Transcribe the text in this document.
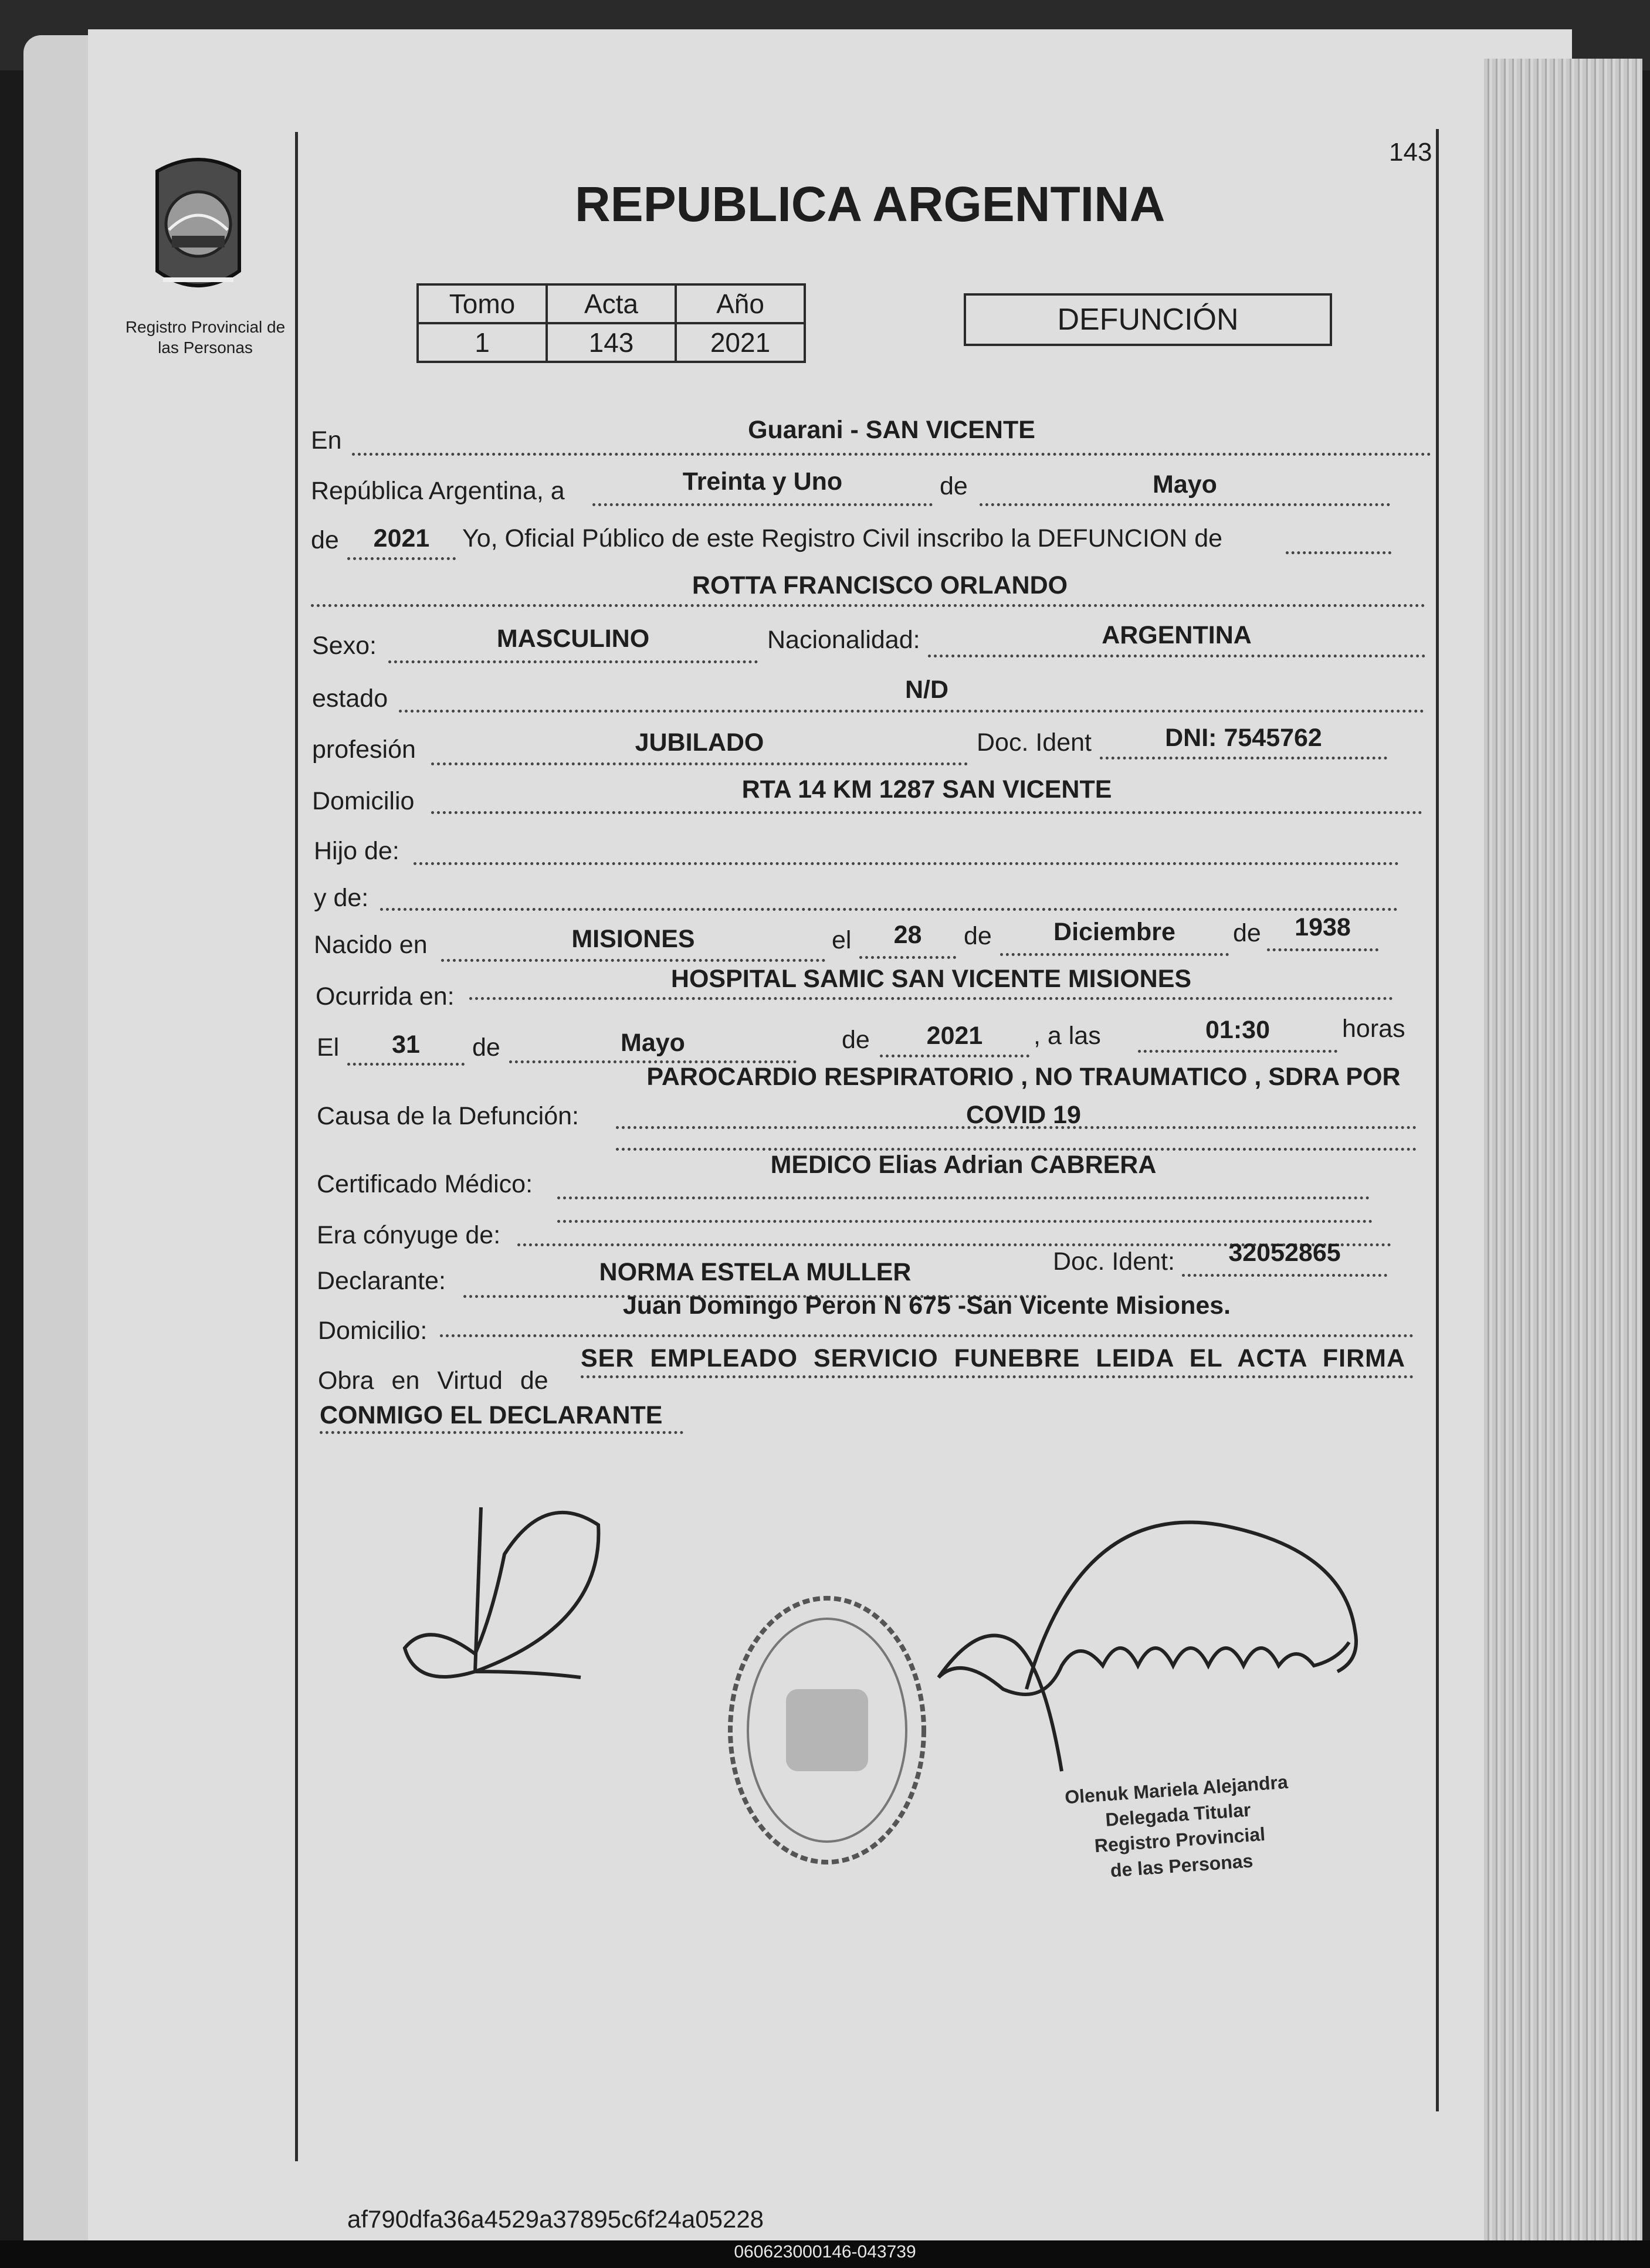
143
Registro Provincial de las Personas
REPUBLICA ARGENTINA
Tomo	Acta	Año
1	143	2021
DEFUNCIÓN
En	Guarani - SAN VICENTE
República Argentina, a	Treinta y Uno	de	Mayo
de	2021	Yo, Oficial Público de este Registro Civil inscribo la DEFUNCION de
ROTTA FRANCISCO ORLANDO
Sexo:	MASCULINO	Nacionalidad:	ARGENTINA
estado	N/D
profesión	JUBILADO	Doc. Ident	DNI: 7545762
Domicilio	RTA 14 KM 1287 SAN VICENTE
Hijo de:
y de:
Nacido en	MISIONES	el	28	de	Diciembre	de	1938
Ocurrida en:
HOSPITAL SAMIC SAN VICENTE MISIONES
El	31	de	Mayo	de	2021	, a las	01:30	horas
PAROCARDIO RESPIRATORIO , NO TRAUMATICO , SDRA POR
Causa de la Defunción:	COVID 19
Certificado Médico:
MEDICO Elias Adrian CABRERA
Era cónyuge de:
Declarante:	NORMA ESTELA MULLER	Doc. Ident:	32052865
Domicilio:
Juan Domingo Peron N 675 -San Vicente Misiones.
Obra en Virtud de
SER EMPLEADO SERVICIO FUNEBRE LEIDA EL ACTA FIRMA
CONMIGO EL DECLARANTE
Olenuk Mariela Alejandra
Delegada Titular
Registro Provincial
de las Personas
af790dfa36a4529a37895c6f24a05228
060623000146-043739
